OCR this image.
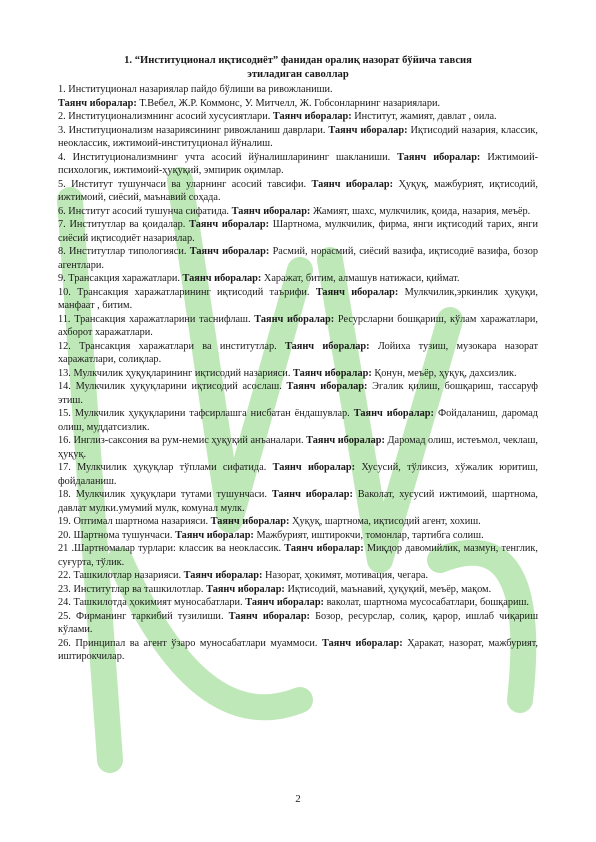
1. “Институционал иқтисодиёт” фанидан оралиқ назорат бўйича тавсия
этиладиган саволлар

1. Институционал назариялар пайдо бўлиши ва ривожланиши.

Таянч иборалар: Т.Вебел, Ж.Р. Коммонс, У. Митчелл, Ж. Гобсонларнинг назариялари.

2. Институционализмнинг асосий хусусиятлари. Таянч иборалар: Институт, жамият, давлат , оила.

3. Институционализм назариясининг ривожланиш даврлари. Таянч иборалар: Иқтисодий назария, классик, неоклассик, ижтимоий-институционал йўналиш.

4. Институционализмнинг учта асосий йўналишларининг шакланиши. Таянч иборалар: Ижтимоий-психологик, ижтимоий-ҳуқуқий, эмпирик оқимлар.

5. Институт тушунчаси ва уларнинг асосий тавсифи. Таянч иборалар: Ҳуқуқ, мажбурият, иқтисодий, ижтимоий, сиёсий, маънавий соҳада.

6. Институт асосий тушунча сифатида. Таянч иборалар: Жамият, шахс, мулкчилик, қоида, назария, меъёр.

7. Институтлар ва қоидалар. Таянч иборалар: Шартнома, мулкчилик, фирма, янги иқтисодий тарих, янги сиёсий иқтисодиёт назариялар.

8. Институтлар типологияси. Таянч иборалар: Расмий, норасмий, сиёсий вазифа, иқтисодиё вазифа, бозор агентлари.

9. Трансакция харажатлари. Таянч иборалар: Харажат, битим, алмашув натижаси, қиймат.

10. Трансакция харажатларининг иқтисодий таърифи. Таянч иборалар: Мулкчилик,эркинлик ҳуқуқи, манфаат , битим.

11. Трансакция харажатларини таснифлаш. Таянч иборалар: Ресурсларни бошқариш, кўлам харажатлари, ахборот харажатлари.

12. Трансакция харажатлари ва институтлар. Таянч иборалар: Лойиха тузиш, музокара назорат харажатлари, солиқлар.

13. Мулкчилик ҳуқуқларининг иқтисодий назарияси. Таянч иборалар: Қонун, меъёр, ҳуқуқ, дахсизлик.

14. Мулкчилик ҳуқуқларини иқтисодий асослаш. Таянч иборалар: Эгалик қилиш, бошқариш, тассаруф этиш.

15. Мулкчилик ҳуқуқларини тафсирлашга нисбатан ёндашувлар. Таянч иборалар: Фойдаланиш, даромад олиш, муддатсизлик.

16. Инглиз-саксония ва рум-немис ҳуқуқий анъаналари. Таянч иборалар: Даромад олиш, истеъмол, чеклаш, ҳуқуқ.

17. Мулкчилик ҳуқуқлар тўплами сифатида. Таянч иборалар: Хусусий, тўликсиз, хўжалик юритиш, фойдаланиш.

18. Мулкчилик ҳуқуқлари тутами тушунчаси. Таянч иборалар: Ваколат, хусусий ижтимоий, шартнома, давлат мулки.умумий мулк, комунал мулк.

19. Оптимал шартнома назарияси. Таянч иборалар: Ҳуқуқ, шартнома, иқтисодий агент, хохиш.

20. Шартнома тушунчаси. Таянч иборалар: Мажбурият, иштирокчи, томонлар, тартибга солиш.

21 .Шартномалар турлари: классик ва неоклассик. Таянч иборалар: Миқдор давомийлик, мазмун, тенглик, суғурта, тўлик.

22. Ташкилотлар назарияси. Таянч иборалар: Назорат, ҳокимят, мотивация, чегара.

23. Институтлар ва ташкилотлар. Таянч иборалар: Иқтисодий, маънавий, ҳуқуқий, меъёр, мақом.

24. Ташкилотда ҳокимият муносабатлари. Таянч иборалар: ваколат, шартнома мусосабатлари, бошқариш.

25. Фирманинг таркибий тузилиши. Таянч иборалар: Бозор, ресурслар, солиқ, қарор, ишлаб чиқариш кўлами.

26. Принципал ва агент ўзаро муносабатлари муаммоси. Таянч иборалар: Ҳаракат, назорат, мажбурият, иштирокчилар.

2
